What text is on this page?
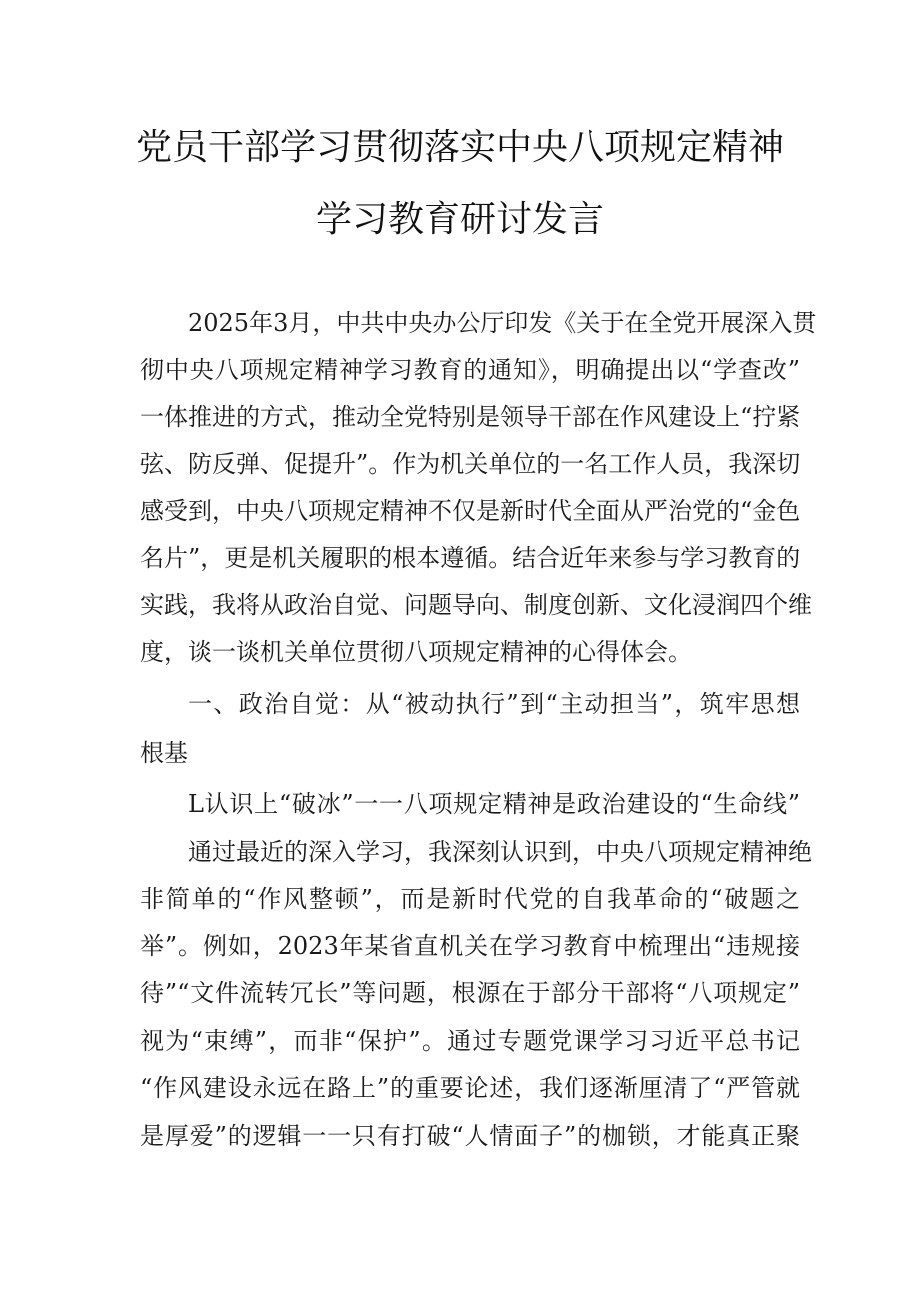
党员干部学习贯彻落实中央八项规定精神
学习教育研讨发言
2025年3月，中共中央办公厅印发《关于在全党开展深入贯
彻中央八项规定精神学习教育的通知》，明确提出以“学查改”
一体推进的方式，推动全党特别是领导干部在作风建设上“拧紧
弦、防反弹、促提升”。作为机关单位的一名工作人员，我深切
感受到，中央八项规定精神不仅是新时代全面从严治党的“金色
名片”，更是机关履职的根本遵循。结合近年来参与学习教育的
实践，我将从政治自觉、问题导向、制度创新、文化浸润四个维
度，谈一谈机关单位贯彻八项规定精神的心得体会。
一、政治自觉：从“被动执行”到“主动担当”，筑牢思想
根基
L认识上“破冰”一一八项规定精神是政治建设的“生命线”
通过最近的深入学习，我深刻认识到，中央八项规定精神绝
非简单的“作风整顿”，而是新时代党的自我革命的“破题之
举”。例如，2023年某省直机关在学习教育中梳理出“违规接
待”“文件流转冗长”等问题，根源在于部分干部将“八项规定”
视为“束缚”，而非“保护”。通过专题党课学习习近平总书记
“作风建设永远在路上”的重要论述，我们逐渐厘清了“严管就
是厚爱”的逻辑一一只有打破“人情面子”的枷锁，才能真正聚
